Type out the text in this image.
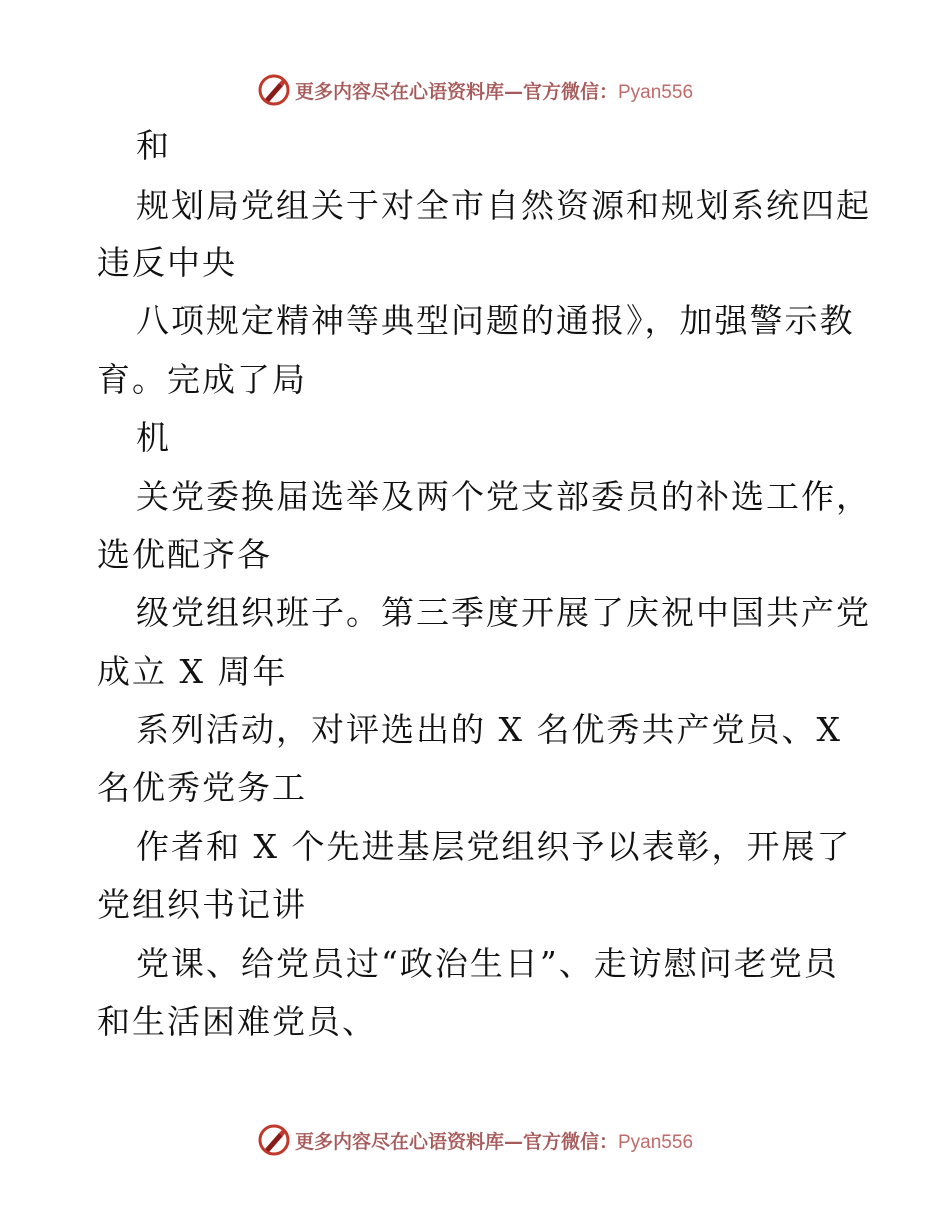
更多内容尽在心语资料库—官方微信：Pyan556
和
规划局党组关于对全市自然资源和规划系统四起
违反中央
八项规定精神等典型问题的通报》，加强警示教
育。完成了局
机
关党委换届选举及两个党支部委员的补选工作，
选优配齐各
级党组织班子。第三季度开展了庆祝中国共产党
成立 X 周年
系列活动，对评选出的 X 名优秀共产党员、X
名优秀党务工
作者和 X 个先进基层党组织予以表彰，开展了
党组织书记讲
党课、给党员过“政治生日”、走访慰问老党员
和生活困难党员、
更多内容尽在心语资料库—官方微信：Pyan556
